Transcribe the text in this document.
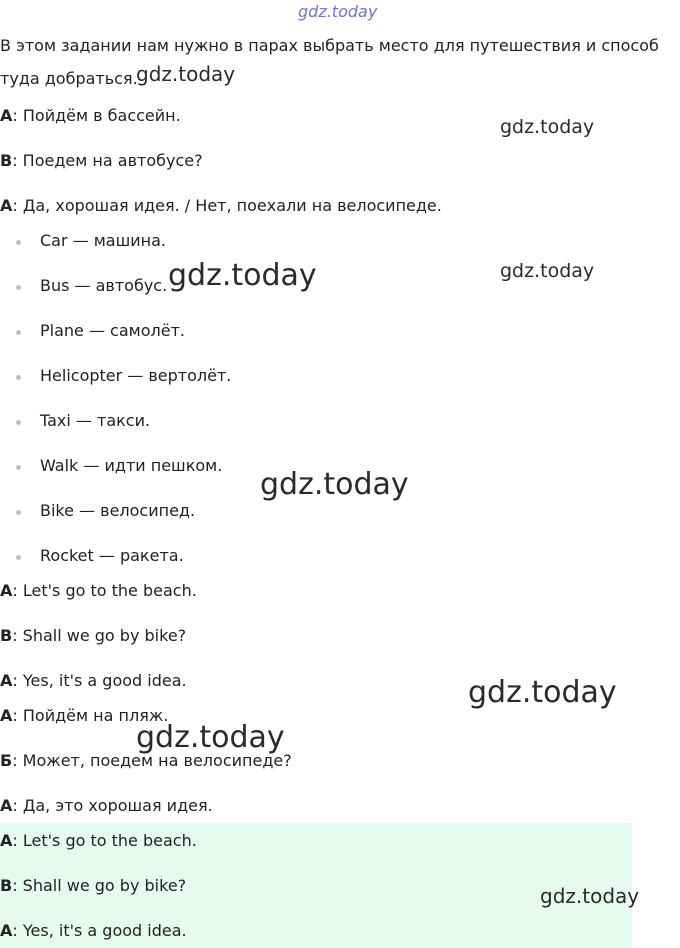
gdz.today
В этом задании нам нужно в парах выбрать место для путешествия и способ
туда добраться.
А: Пойдём в бассейн.
В: Поедем на автобусе?
А: Да, хорошая идея. / Нет, поехали на велосипеде.
Car — машина.
Bus — автобус.
Plane — самолёт.
Helicopter — вертолёт.
Taxi — такси.
Walk — идти пешком.
Bike — велосипед.
Rocket — ракета.
A: Let's go to the beach.
B: Shall we go by bike?
A: Yes, it's a good idea.
А: Пойдём на пляж.
Б: Может, поедем на велосипеде?
А: Да, это хорошая идея.
A: Let's go to the beach.
B: Shall we go by bike?
A: Yes, it's a good idea.
gdz.today
gdz.today
gdz.today	gdz.today
gdz.today
gdz.today
gdz.today
gdz.today
